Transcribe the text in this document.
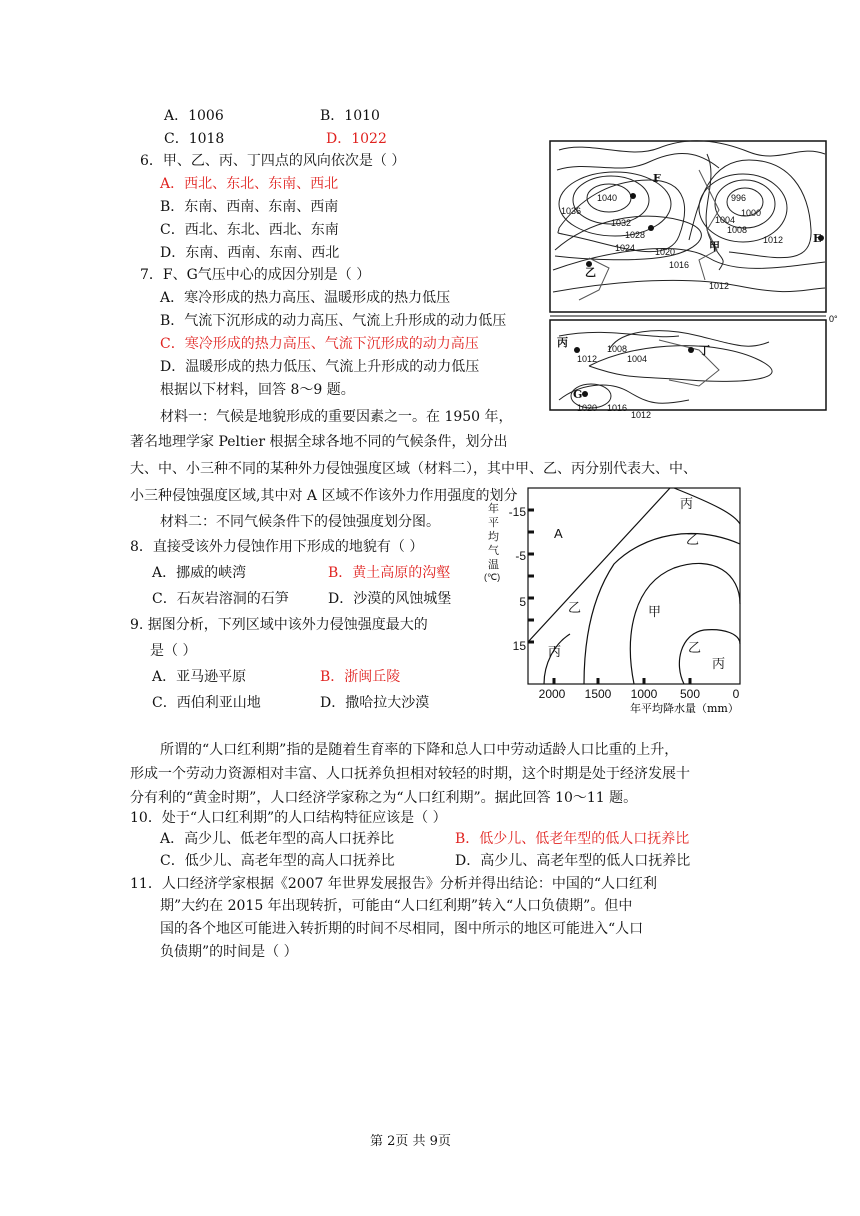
A．1006	B．1010
C．1018	D．1022
6．甲、乙、丙、丁四点的风向依次是（ ）
A．西北、东北、东南、西北
B．东南、西南、东南、西南
C．西北、东北、西北、东南
D．东南、西南、东南、西北
7．F、G气压中心的成因分别是（ ）
A．寒冷形成的热力高压、温暖形成的热力低压
B．气流下沉形成的动力高压、气流上升形成的动力低压
C．寒冷形成的热力高压、气流下沉形成的动力高压
D．温暖形成的热力低压、气流上升形成的动力低压
根据以下材料，回答 8～9 题。
材料一：气候是地貌形成的重要因素之一。在 1950 年，
著名地理学家 Peltier 根据全球各地不同的气候条件，划分出
大、中、小三种不同的某种外力侵蚀强度区域（材料二），其中甲、乙、丙分别代表大、中、
小三种侵蚀强度区域,其中对 A 区域不作该外力作用强度的划分
材料二：不同气候条件下的侵蚀强度划分图。
8．直接受该外力侵蚀作用下形成的地貌有（ ）
A．挪威的峡湾	B．黄土高原的沟壑
C．石灰岩溶洞的石笋	D．沙漠的风蚀城堡
9. 据图分析，下列区域中该外力侵蚀强度最大的
是（ ）
A．亚马逊平原	B．浙闽丘陵
C．西伯利亚山地	D．撒哈拉大沙漠
所谓的“人口红利期”指的是随着生育率的下降和总人口中劳动适龄人口比重的上升，
形成一个劳动力资源相对丰富、人口抚养负担相对较轻的时期，这个时期是处于经济发展十
分有利的“黄金时期”，人口经济学家称之为“人口红利期”。据此回答 10～11 题。
10．处于“人口红利期”的人口结构特征应该是（ ）
A．高少儿、低老年型的高人口抚养比	B．低少儿、低老年型的低人口抚养比
C．低少儿、高老年型的高人口抚养比	D．高少儿、高老年型的低人口抚养比
11．人口经济学家根据《2007 年世界发展报告》分析并得出结论：中国的“人口红利
期”大约在 2015 年出现转折，可能由“人口红利期”转入“人口负债期”。但中
国的各个地区可能进入转折期的时间不尽相同，图中所示的地区可能进入“人口
负债期”的时间是（ ）
第 2页 共 9页
1040
1036
1032
1028
1024 1020
1016
1012
996
1000
1004
1008
1012
F
甲
E
乙
0°
1012
1008
1004
1020 1016
1012
丙
丁
G
年
平
均
气
温
(℃)
-15
-5
5
15
2000 1500 1000 500	0
年平均降水量（mm）
A
丙
乙
甲
乙
丙	乙
丙
